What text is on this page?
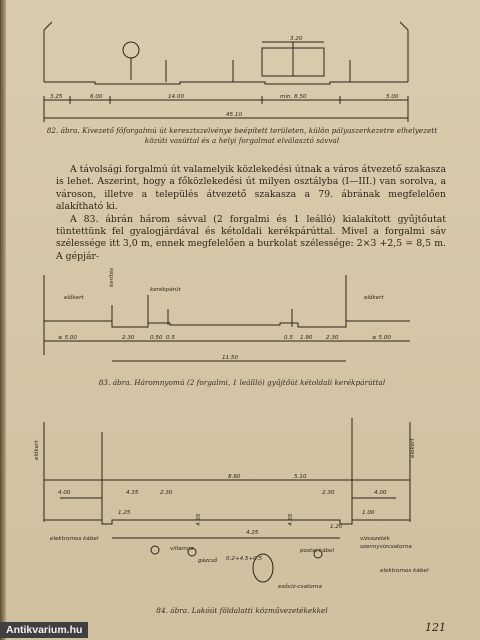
3.25	6.00	14.00	min. 8.50	5.00
45.10
3.20
82. ábra. Kivezető főforgalmú út keresztszelvénye beépített területen, külön pályaszerkezetre elhelyezett közúti vasúttal és a helyi forgalmat elválasztó sávval

A távolsági forgalmú út valamelyik közlekedési útnak a város átvezető szakasza is lehet. Aszerint, hogy a főközlekedési út milyen osztályba (I—III.) van sorolva, a városon, illetve a település átvezető szakasza a 79. ábrának megfelelően alakítható ki.

A 83. ábrán három sávval (2 forgalmi és 1 leálló) kialakított gyűjtőutat tüntettünk fel gyalogjárdával és kétoldali kerékpárúttal. Mivel a forgalmi sáv szélessége itt 3,0 m, ennek megfelelően a burkolat szélessége: 2×3 +2,5 = 8,5 m. A gépjár-

előkert	előkert
kerítés
kerékpárút
≥ 5.00	2.30	0.50 0.5	0.5 1.90 2.30	≥ 5.00
11.50
83. ábra. Háromnyomú (2 forgalmi, 1 leállló) gyűjtőút kétoldali kerékpárúttal
előkert	előkert
elektromos kábel
villamos
gázcső
esővíz-csatorna
postai kábel
vízvezeték
szennyvízcsatorna
elektromos kábel
4.00	4.35	2.30
8.60	5.10
2.30	4.00
1.25	1.00
4.65	4.65
4.25
0.2+4.5+0.5
1.20
84. ábra. Lakóút földalatti közművezetékekkel
121
Antikvarium.hu
